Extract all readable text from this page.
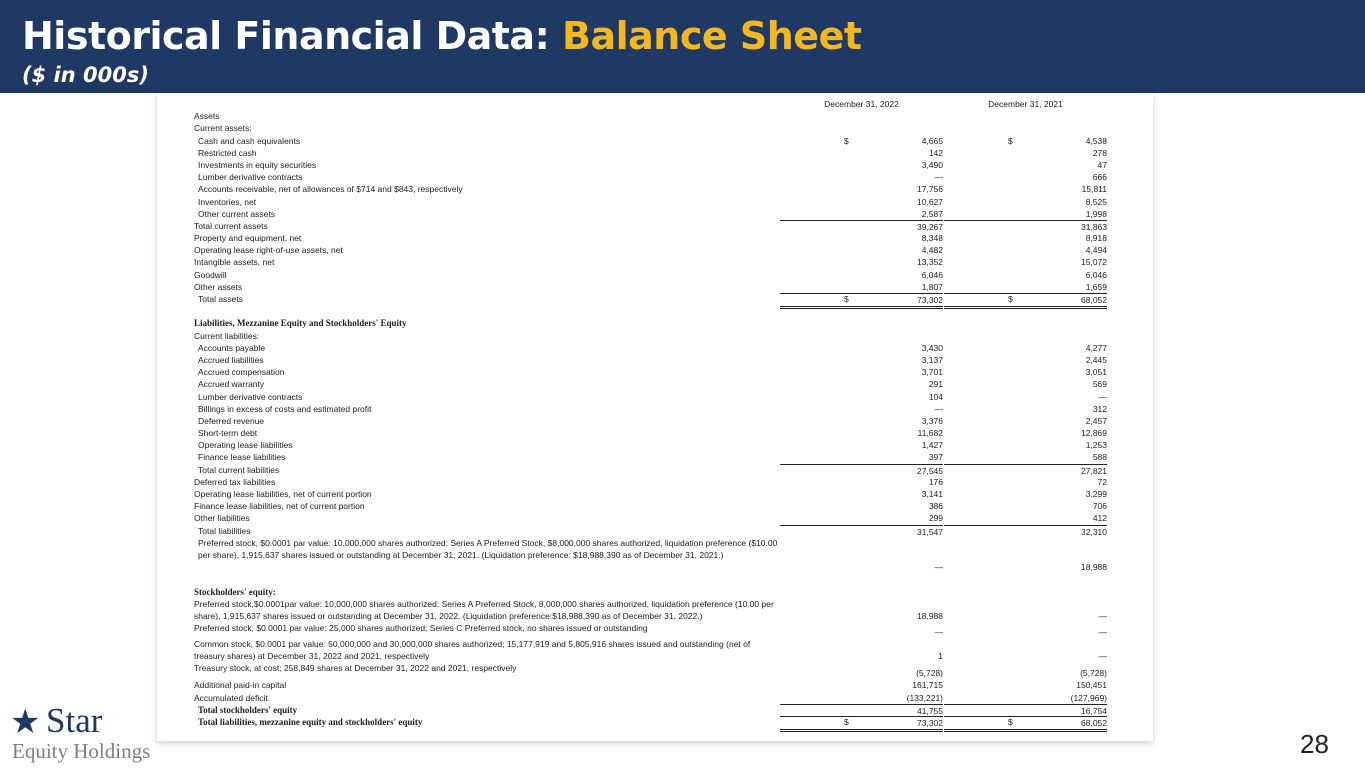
Historical Financial Data: Balance Sheet
($ in 000s)
December 31, 2022	December 31, 2021
Assets
Current assets:
Cash and cash equivalents	$	4,665	$	4,538
Restricted cash	142	278
Investments in equity securities	3,490	47
Lumber derivative contracts	—	666
Accounts receivable, net of allowances of $714 and $843, respectively	17,756	15,811
Inventories, net	10,627	8,525
Other current assets	2,587	1,998
Total current assets	39,267	31,863
Property and equipment, net	8,348	8,918
Operating lease right-of-use assets, net	4,482	4,494
Intangible assets, net	13,352	15,072
Goodwill	6,046	6,046
Other assets	1,807	1,659
Total assets	$	73,302	$	68,052
Liabilities, Mezzanine Equity and Stockholders' Equity
Current liabilities:
Accounts payable	3,430	4,277
Accrued liabilities	3,137	2,445
Accrued compensation	3,701	3,051
Accrued warranty	291	569
Lumber derivative contracts	104	—
Billings in excess of costs and estimated profit	—	312
Deferred revenue	3,376	2,457
Short-term debt	11,682	12,869
Operating lease liabilities	1,427	1,253
Finance lease liabilities	397	588
Total current liabilities	27,545	27,821
Deferred tax liabilities	176	72
Operating lease liabilities, net of current portion	3,141	3,299
Finance lease liabilities, net of current portion	386	706
Other liabilities	299	412
Total liabilities	31,547	32,310
Preferred stock, $0.0001 par value: 10,000,000 shares authorized: Series A Preferred Stock, $8,000,000 shares authorized, liquidation preference ($10.00 per share), 1,915,637 shares issued or outstanding at December 31, 2021. (Liquidation preference: $18,988,390 as of December 31, 2021.)
—	18,988
Stockholders' equity:
Preferred stock,$0.0001par value: 10,000,000 shares authorized: Series A Preferred Stock, 8,000,000 shares authorized, liquidation preference (10.00 per share), 1,915,637 shares issued or outstanding at December 31, 2022. (Liquidation preference:$18,988,390 as of December 31, 2022.)	18,988	—
Preferred stock, $0.0001 par value: 25,000 shares authorized; Series C Preferred stock, no shares issued or outstanding	—	—
Common stock, $0.0001 par value: 50,000,000 and 30,000,000 shares authorized; 15,177,919 and 5,805,916 shares issued and outstanding (net of treasury shares) at December 31, 2022 and 2021, respectively	1	—
Treasury stock, at cost; 258,849 shares at December 31, 2022 and 2021, respectively	(5,728)	(5,728)
Additional paid-in capital	161,715	150,451
Accumulated deficit	(133,221)	(127,969)
Total stockholders' equity	41,755	16,754
Total liabilities, mezzanine equity and stockholders' equity	$	73,302	$	68,052
★ Star
Equity Holdings	28
